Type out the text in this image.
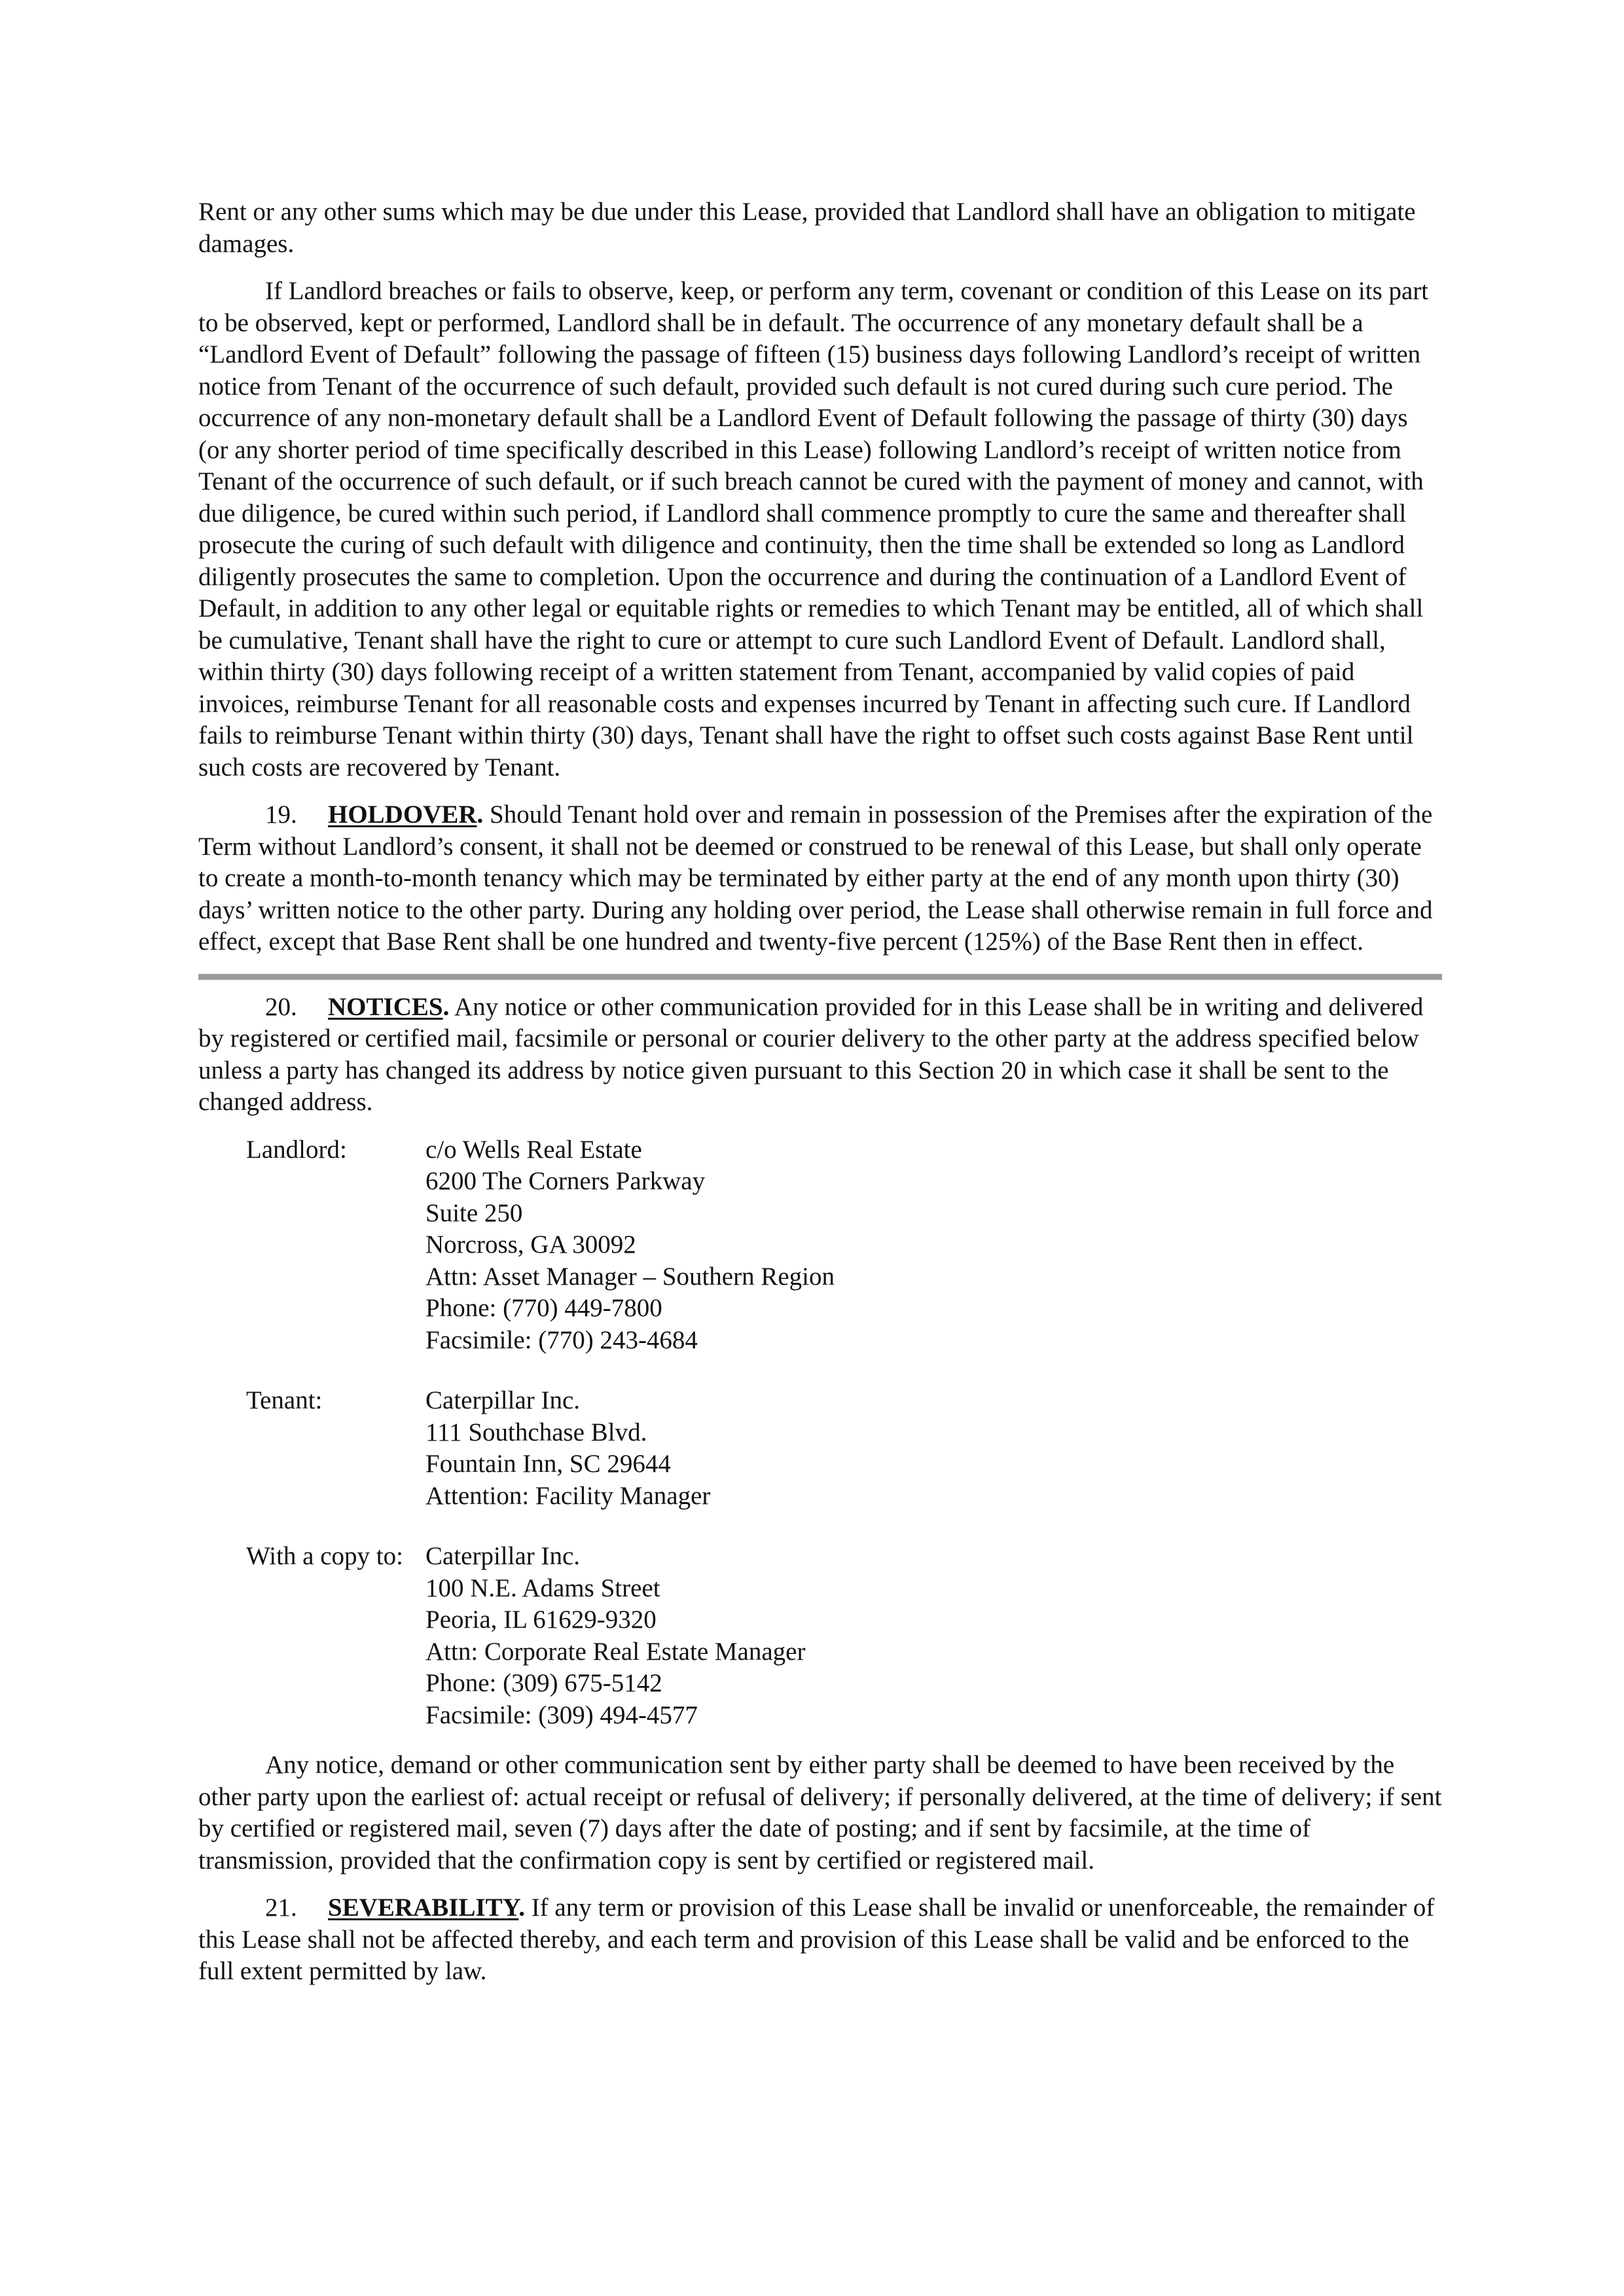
Rent or any other sums which may be due under this Lease, provided that Landlord shall have an obligation to mitigate damages.

If Landlord breaches or fails to observe, keep, or perform any term, covenant or condition of this Lease on its part to be observed, kept or performed, Landlord shall be in default. The occurrence of any monetary default shall be a “Landlord Event of Default” following the passage of fifteen (15) business days following Landlord’s receipt of written notice from Tenant of the occurrence of such default, provided such default is not cured during such cure period. The occurrence of any non-monetary default shall be a Landlord Event of Default following the passage of thirty (30) days (or any shorter period of time specifically described in this Lease) following Landlord’s receipt of written notice from Tenant of the occurrence of such default, or if such breach cannot be cured with the payment of money and cannot, with due diligence, be cured within such period, if Landlord shall commence promptly to cure the same and thereafter shall prosecute the curing of such default with diligence and continuity, then the time shall be extended so long as Landlord diligently prosecutes the same to completion. Upon the occurrence and during the continuation of a Landlord Event of Default, in addition to any other legal or equitable rights or remedies to which Tenant may be entitled, all of which shall be cumulative, Tenant shall have the right to cure or attempt to cure such Landlord Event of Default. Landlord shall, within thirty (30) days following receipt of a written statement from Tenant, accompanied by valid copies of paid invoices, reimburse Tenant for all reasonable costs and expenses incurred by Tenant in affecting such cure. If Landlord fails to reimburse Tenant within thirty (30) days, Tenant shall have the right to offset such costs against Base Rent until such costs are recovered by Tenant.

19. HOLDOVER. Should Tenant hold over and remain in possession of the Premises after the expiration of the Term without Landlord’s consent, it shall not be deemed or construed to be renewal of this Lease, but shall only operate to create a month-to-month tenancy which may be terminated by either party at the end of any month upon thirty (30) days’ written notice to the other party. During any holding over period, the Lease shall otherwise remain in full force and effect, except that Base Rent shall be one hundred and twenty-five percent (125%) of the Base Rent then in effect.

20. NOTICES. Any notice or other communication provided for in this Lease shall be in writing and delivered by registered or certified mail, facsimile or personal or courier delivery to the other party at the address specified below unless a party has changed its address by notice given pursuant to this Section 20 in which case it shall be sent to the changed address.

Landlord:	c/o Wells Real Estate
6200 The Corners Parkway
Suite 250
Norcross, GA 30092
Attn: Asset Manager – Southern Region
Phone: (770) 449-7800
Facsimile: (770) 243-4684
Tenant:	Caterpillar Inc.
111 Southchase Blvd.
Fountain Inn, SC 29644
Attention: Facility Manager
With a copy to: Caterpillar Inc.
100 N.E. Adams Street
Peoria, IL 61629-9320
Attn: Corporate Real Estate Manager
Phone: (309) 675-5142
Facsimile: (309) 494-4577

Any notice, demand or other communication sent by either party shall be deemed to have been received by the other party upon the earliest of: actual receipt or refusal of delivery; if personally delivered, at the time of delivery; if sent by certified or registered mail, seven (7) days after the date of posting; and if sent by facsimile, at the time of transmission, provided that the confirmation copy is sent by certified or registered mail.

21. SEVERABILITY. If any term or provision of this Lease shall be invalid or unenforceable, the remainder of this Lease shall not be affected thereby, and each term and provision of this Lease shall be valid and be enforced to the full extent permitted by law.
